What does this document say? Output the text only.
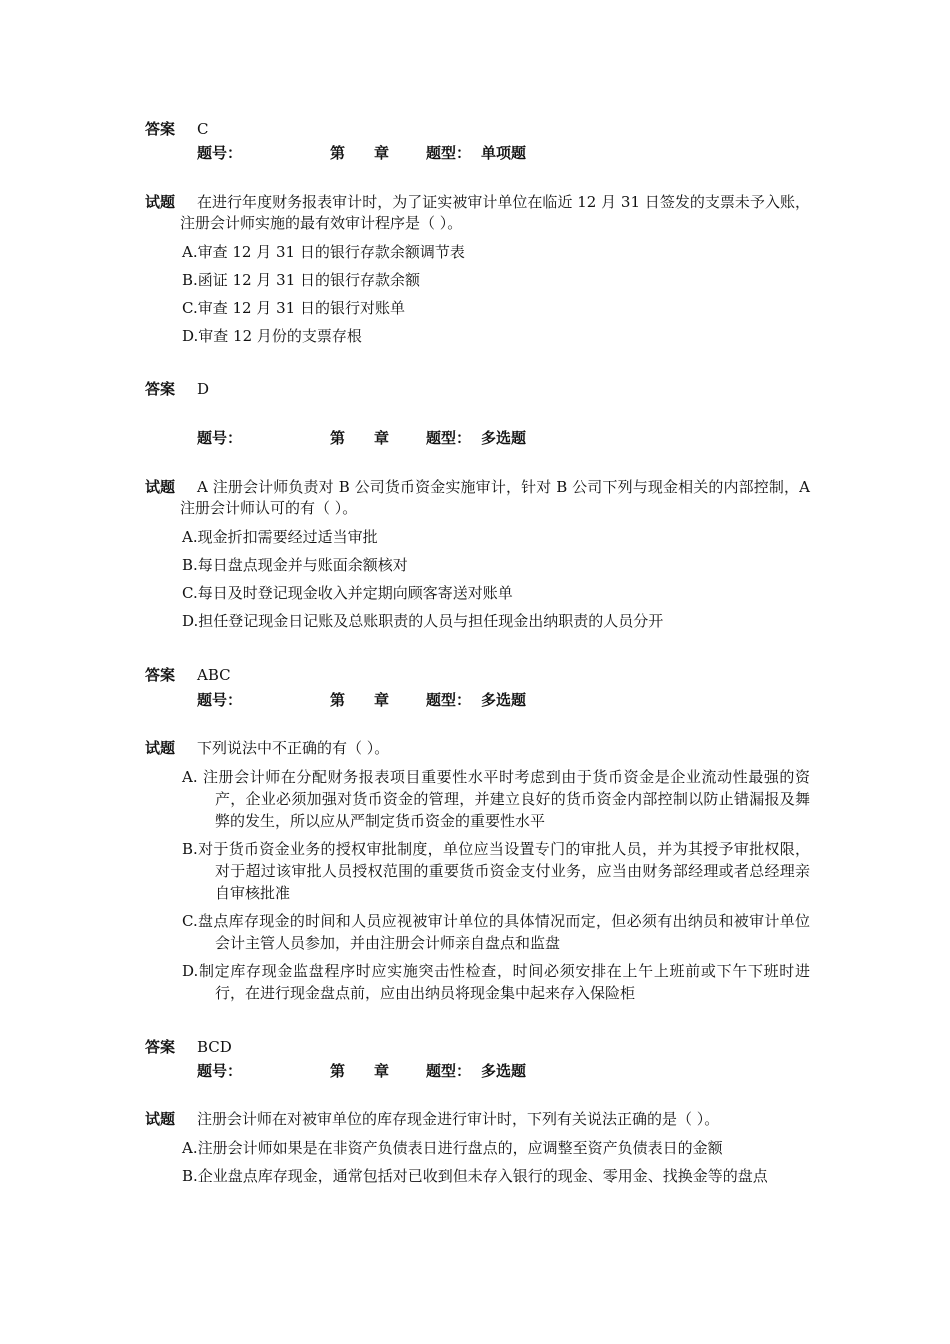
答案 C
题号：	第 章 题型： 单项题
试题	在进行年度财务报表审计时，为了证实被审计单位在临近 12 月 31 日签发的支票未予入账，注册会计师实施的最有效审计程序是（ ）。
A.审查 12 月 31 日的银行存款余额调节表
B.函证 12 月 31 日的银行存款余额
C.审查 12 月 31 日的银行对账单
D.审查 12 月份的支票存根
答案 D
题号：	第 章 题型： 多选题
试题	A 注册会计师负责对 B 公司货币资金实施审计，针对 B 公司下列与现金相关的内部控制，A 注册会计师认可的有（ ）。
A.现金折扣需要经过适当审批
B.每日盘点现金并与账面余额核对
C.每日及时登记现金收入并定期向顾客寄送对账单
D.担任登记现金日记账及总账职责的人员与担任现金出纳职责的人员分开
答案 ABC
题号：	第 章 题型： 多选题
试题	下列说法中不正确的有（ ）。
A. 注册会计师在分配财务报表项目重要性水平时考虑到由于货币资金是企业流动性最强的资产，企业必须加强对货币资金的管理，并建立良好的货币资金内部控制以防止错漏报及舞弊的发生，所以应从严制定货币资金的重要性水平
B.对于货币资金业务的授权审批制度，单位应当设置专门的审批人员，并为其授予审批权限，对于超过该审批人员授权范围的重要货币资金支付业务，应当由财务部经理或者总经理亲自审核批准
C.盘点库存现金的时间和人员应视被审计单位的具体情况而定，但必须有出纳员和被审计单位会计主管人员参加，并由注册会计师亲自盘点和监盘
D.制定库存现金监盘程序时应实施突击性检查，时间必须安排在上午上班前或下午下班时进行，在进行现金盘点前，应由出纳员将现金集中起来存入保险柜
答案 BCD
题号：	第 章 题型： 多选题
试题	注册会计师在对被审单位的库存现金进行审计时，下列有关说法正确的是（ ）。
A.注册会计师如果是在非资产负债表日进行盘点的，应调整至资产负债表日的金额
B.企业盘点库存现金，通常包括对已收到但未存入银行的现金、零用金、找换金等的盘点
